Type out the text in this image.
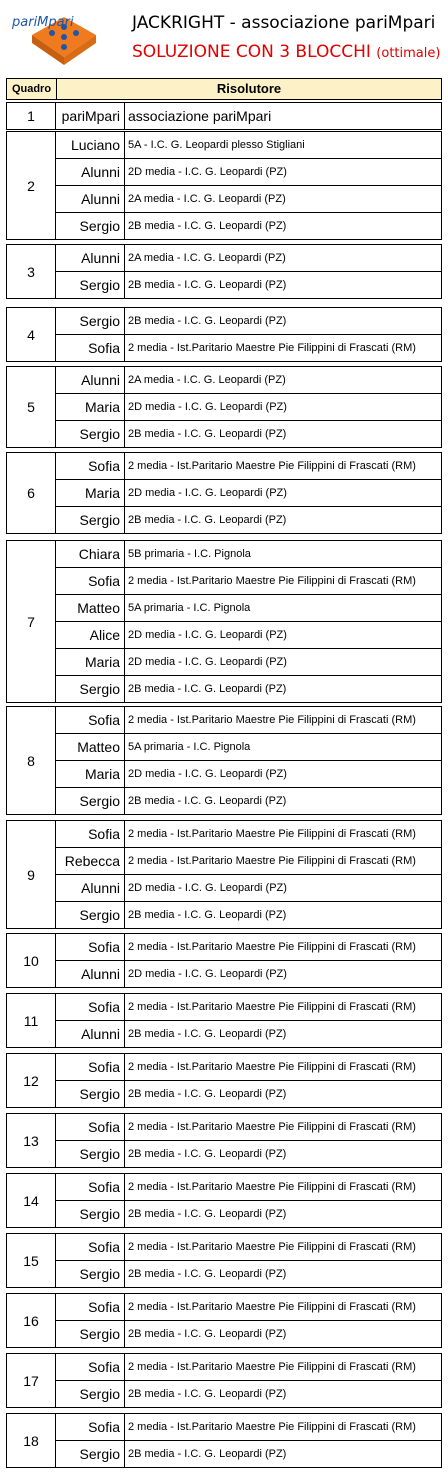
pariMpari	JACKRIGHT - associazione pariMpari
SOLUZIONE CON 3 BLOCCHI (ottimale)
Quadro	Risolutore
1	pariMpari associazione pariMpari
2
Luciano 5A - I.C. G. Leopardi plesso Stigliani
Alunni 2D media - I.C. G. Leopardi (PZ)
Alunni 2A media - I.C. G. Leopardi (PZ)
Sergio 2B media - I.C. G. Leopardi (PZ)
3
Alunni 2A media - I.C. G. Leopardi (PZ)
Sergio 2B media - I.C. G. Leopardi (PZ)
4
Sergio 2B media - I.C. G. Leopardi (PZ)
Sofia 2 media - Ist.Paritario Maestre Pie Filippini di Frascati (RM)
5
Alunni 2A media - I.C. G. Leopardi (PZ)
Maria 2D media - I.C. G. Leopardi (PZ)
Sergio 2B media - I.C. G. Leopardi (PZ)
6
Sofia 2 media - Ist.Paritario Maestre Pie Filippini di Frascati (RM)
Maria 2D media - I.C. G. Leopardi (PZ)
Sergio 2B media - I.C. G. Leopardi (PZ)
7
Chiara 5B primaria - I.C. Pignola
Sofia 2 media - Ist.Paritario Maestre Pie Filippini di Frascati (RM)
Matteo 5A primaria - I.C. Pignola
Alice 2D media - I.C. G. Leopardi (PZ)
Maria 2D media - I.C. G. Leopardi (PZ)
Sergio 2B media - I.C. G. Leopardi (PZ)
8
Sofia 2 media - Ist.Paritario Maestre Pie Filippini di Frascati (RM)
Matteo 5A primaria - I.C. Pignola
Maria 2D media - I.C. G. Leopardi (PZ)
Sergio 2B media - I.C. G. Leopardi (PZ)
9
Sofia 2 media - Ist.Paritario Maestre Pie Filippini di Frascati (RM)
Rebecca 2 media - Ist.Paritario Maestre Pie Filippini di Frascati (RM)
Alunni 2D media - I.C. G. Leopardi (PZ)
Sergio 2B media - I.C. G. Leopardi (PZ)
10
Sofia 2 media - Ist.Paritario Maestre Pie Filippini di Frascati (RM)
Alunni 2D media - I.C. G. Leopardi (PZ)
11
Sofia 2 media - Ist.Paritario Maestre Pie Filippini di Frascati (RM)
Alunni 2B media - I.C. G. Leopardi (PZ)
12
Sofia 2 media - Ist.Paritario Maestre Pie Filippini di Frascati (RM)
Sergio 2B media - I.C. G. Leopardi (PZ)
13
Sofia 2 media - Ist.Paritario Maestre Pie Filippini di Frascati (RM)
Sergio 2B media - I.C. G. Leopardi (PZ)
14
Sofia 2 media - Ist.Paritario Maestre Pie Filippini di Frascati (RM)
Sergio 2B media - I.C. G. Leopardi (PZ)
15
Sofia 2 media - Ist.Paritario Maestre Pie Filippini di Frascati (RM)
Sergio 2B media - I.C. G. Leopardi (PZ)
16
Sofia 2 media - Ist.Paritario Maestre Pie Filippini di Frascati (RM)
Sergio 2B media - I.C. G. Leopardi (PZ)
17
Sofia 2 media - Ist.Paritario Maestre Pie Filippini di Frascati (RM)
Sergio 2B media - I.C. G. Leopardi (PZ)
18
Sofia 2 media - Ist.Paritario Maestre Pie Filippini di Frascati (RM)
Sergio 2B media - I.C. G. Leopardi (PZ)
